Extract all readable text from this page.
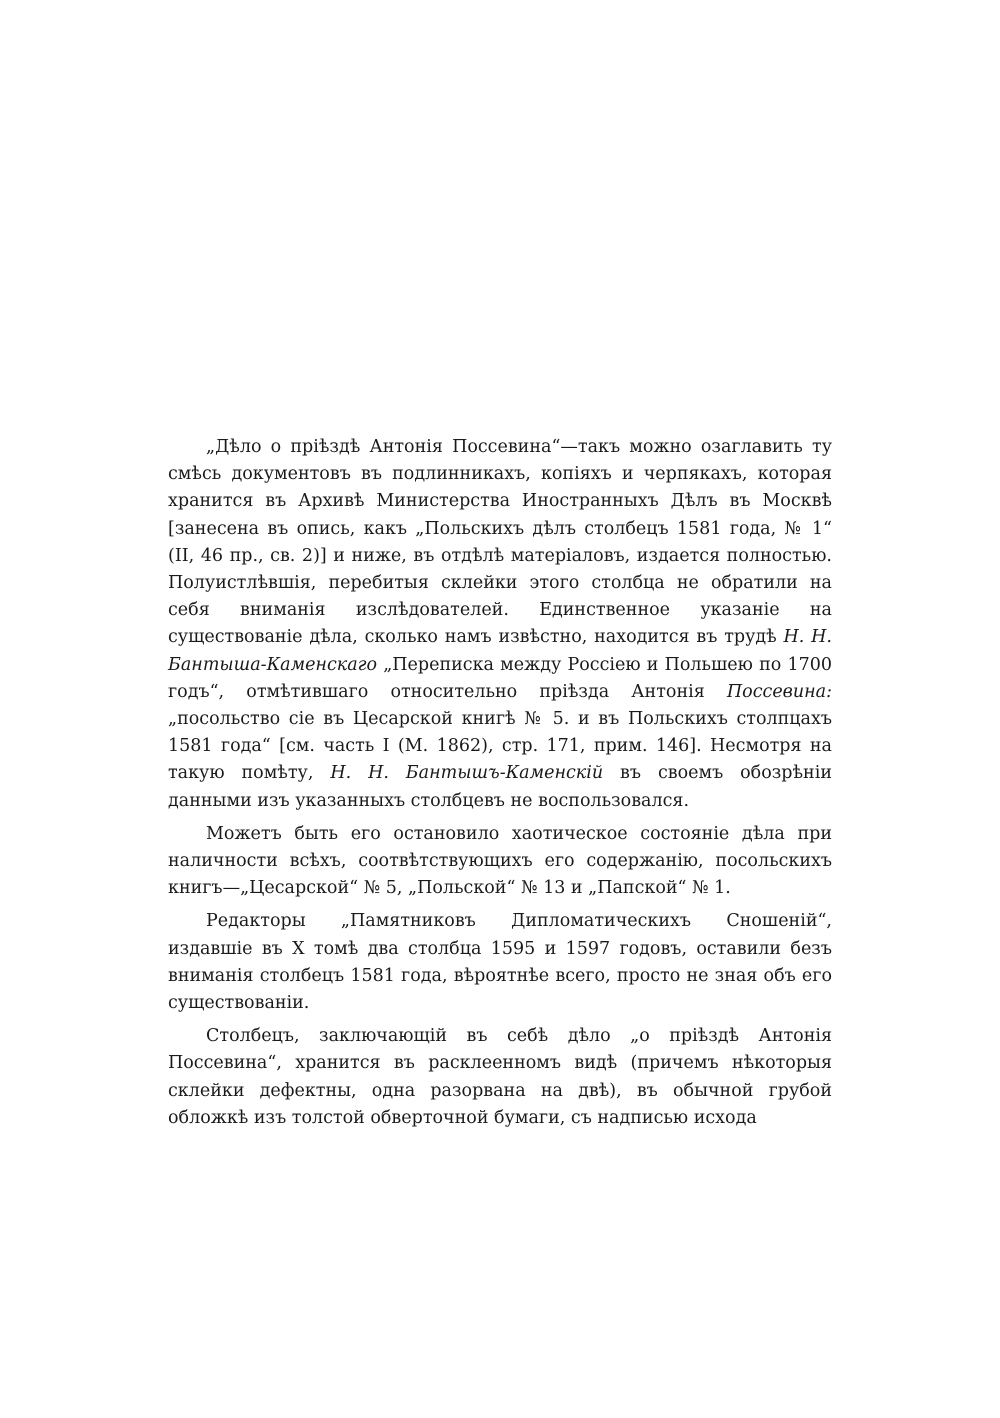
„Дѣло о пріѣздѣ Антонія Поссевина“—такъ можно озаглавить ту смѣсь документовъ въ подлинникахъ, копіяхъ и черпякахъ, которая хранится въ Архивѣ Министерства Иностранныхъ Дѣлъ въ Москвѣ [занесена въ опись, какъ „Польскихъ дѣлъ столбецъ 1581 года, № 1“ (II, 46 пр., св. 2)] и ниже, въ отдѣлѣ матеріаловъ, издается полностью. Полуистлѣвшія, перебитыя склейки этого столбца не обратили на себя вниманія изслѣдователей. Единственное указаніе на существованіе дѣла, сколько намъ извѣстно, находится въ трудѣ Н. Н. Бантыша-Каменскаго „Переписка между Россіею и Польшею по 1700 годъ“, отмѣтившаго относительно пріѣзда Антонія Поссевина: „посольство сіе въ Цесарской книгѣ № 5. и въ Польскихъ столпцахъ 1581 года“ [см. часть I (М. 1862), стр. 171, прим. 146]. Несмотря на такую помѣту, Н. Н. Бантышъ-Каменскій въ своемъ обозрѣніи данными изъ указанныхъ столбцевъ не воспользовался.

Можетъ быть его остановило хаотическое состояніе дѣла при наличности всѣхъ, соотвѣтствующихъ его содержанію, посольскихъ книгъ—„Цесарской“ № 5, „Польской“ № 13 и „Папской“ № 1.

Редакторы „Памятниковъ Дипломатическихъ Сношеній“, издавшіе въ X томѣ два столбца 1595 и 1597 годовъ, оставили безъ вниманія столбецъ 1581 года, вѣроятнѣе всего, просто не зная объ его существованіи.

Столбецъ, заключающій въ себѣ дѣло „о пріѣздѣ Антонія Поссевина“, хранится въ расклеенномъ видѣ (причемъ нѣкоторыя склейки дефектны, одна разорвана на двѣ), въ обычной грубой обложкѣ изъ толстой обверточной бумаги, съ надписью исхода
